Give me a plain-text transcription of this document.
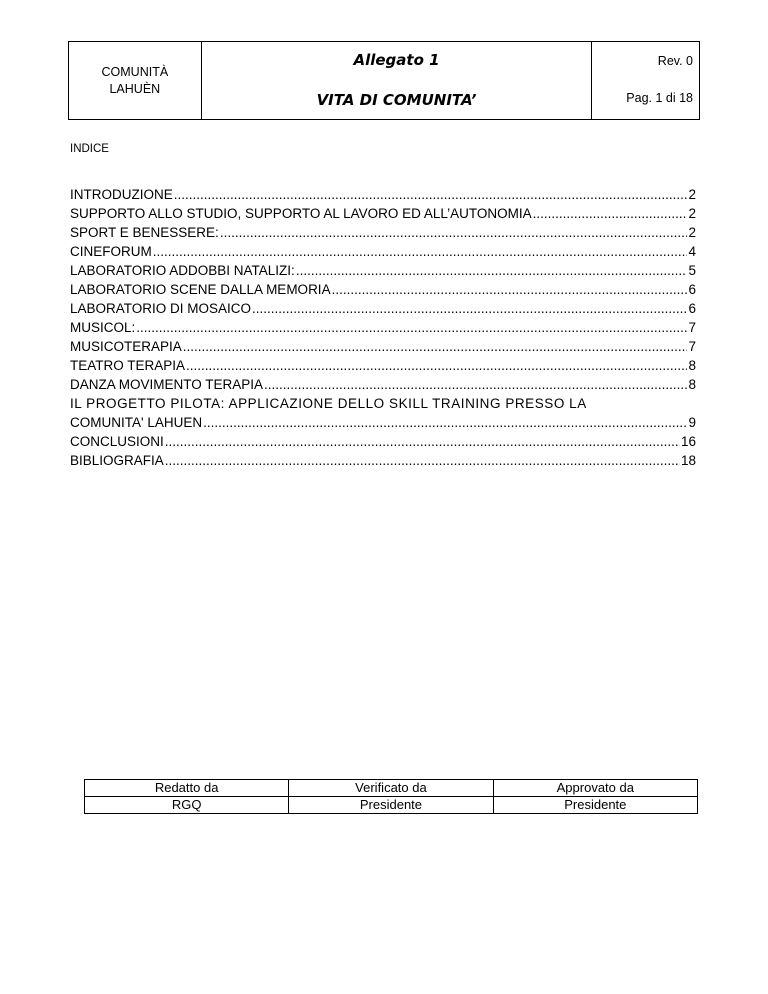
COMUNITÀ
LAHUÈN

Allegato 1
VITA DI COMUNITA’

Rev. 0
Pag. 1 di 18
INDICE
INTRODUZIONE .....	2
SUPPORTO ALLO STUDIO, SUPPORTO AL LAVORO ED ALL’AUTONOMIA .....	2
SPORT E BENESSERE: .....	2
CINEFORUM .....	4
LABORATORIO ADDOBBI NATALIZI: .....	5
LABORATORIO SCENE DALLA MEMORIA .....	6
LABORATORIO DI MOSAICO .....	6
MUSICOL: .....	7
MUSICOTERAPIA .....	7
TEATRO TERAPIA .....	8
DANZA MOVIMENTO TERAPIA .....	8
IL PROGETTO PILOTA: APPLICAZIONE DELLO SKILL TRAINING PRESSO LA
COMUNITA' LAHUEN .....	9
CONCLUSIONI .....	16
BIBLIOGRAFIA .....	18
Redatto da	Verificato da	Approvato da
RGQ	Presidente	Presidente
